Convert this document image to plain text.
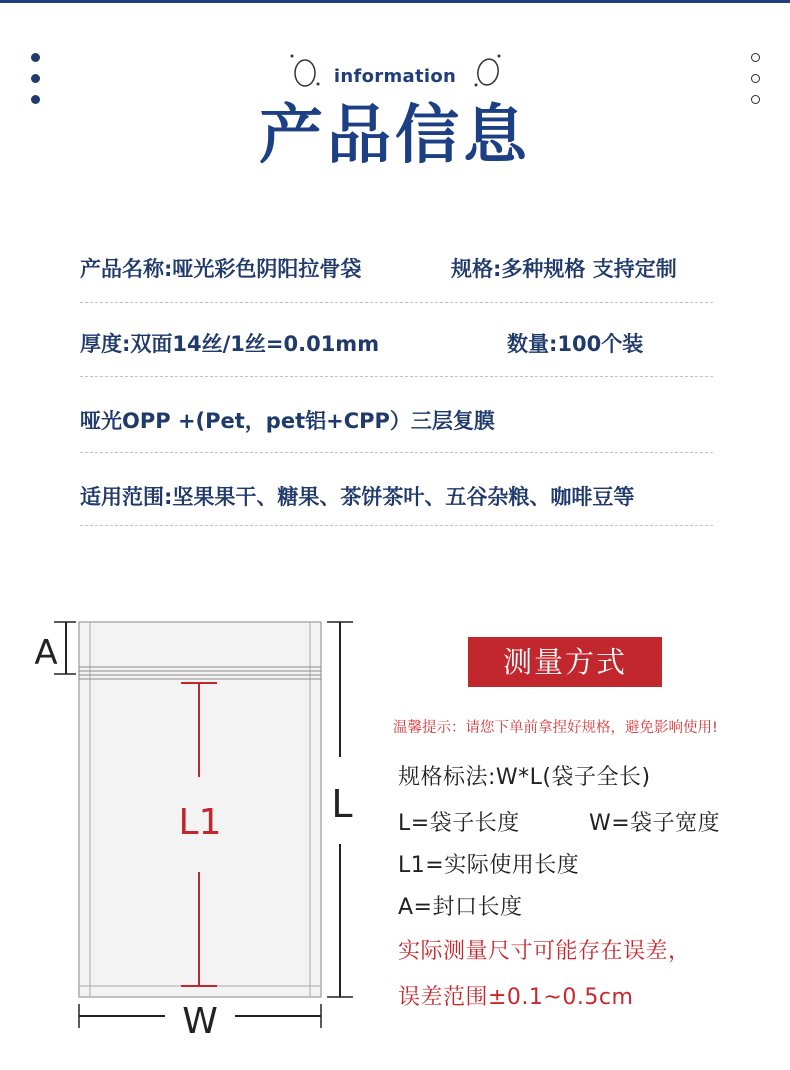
information
产品信息
产品名称:哑光彩色阴阳拉骨袋	规格:多种规格 支持定制
厚度:双面14丝/1丝=0.01mm	数量:100个装
哑光OPP +(Pet，pet铝+CPP）三层复膜
适用范围:坚果果干、糖果、茶饼茶叶、五谷杂粮、咖啡豆等
A
L
L1
W
测量方式
温馨提示：请您下单前拿捏好规格，避免影响使用!
规格标法:W*L(袋子全长)
L=袋子长度	W=袋子宽度
L1=实际使用长度
A=封口长度
实际测量尺寸可能存在误差，
误差范围±0.1~0.5cm
